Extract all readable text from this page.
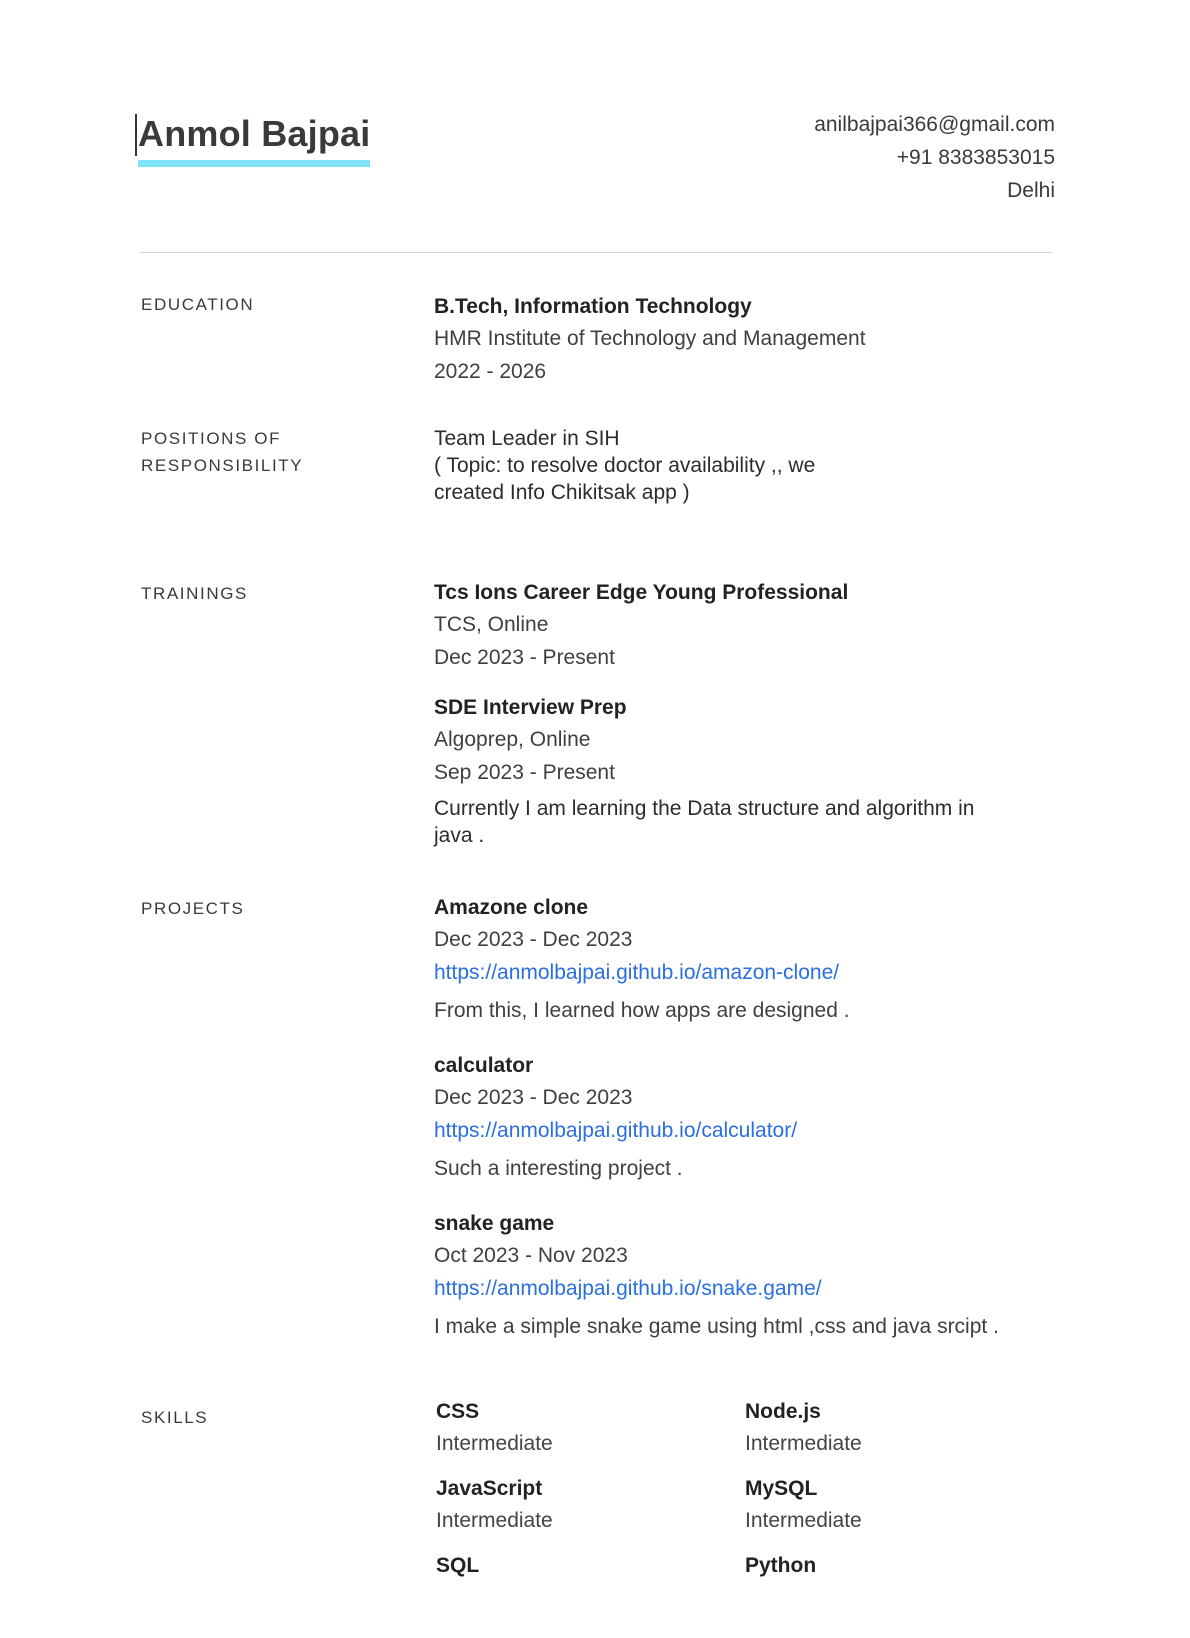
Anmol Bajpai	anilbajpai366@gmail.com
+91 8383853015
Delhi
EDUCATION	B.Tech, Information Technology
HMR Institute of Technology and Management
2022 - 2026
POSITIONS OF
RESPONSIBILITY
Team Leader in SIH
( Topic: to resolve doctor availability ,, we
created Info Chikitsak app )
TRAININGS	Tcs Ions Career Edge Young Professional
TCS, Online
Dec 2023 - Present
SDE Interview Prep
Algoprep, Online
Sep 2023 - Present
Currently I am learning the Data structure and algorithm in
java .
PROJECTS	Amazone clone
Dec 2023 - Dec 2023
https://anmolbajpai.github.io/amazon-clone/
From this, I learned how apps are designed .
calculator
Dec 2023 - Dec 2023
https://anmolbajpai.github.io/calculator/
Such a interesting project .
snake game
Oct 2023 - Nov 2023
https://anmolbajpai.github.io/snake.game/
I make a simple snake game using html ,css and java srcipt .
SKILLS	CSS
Intermediate
Node.js
Intermediate
JavaScript
Intermediate
MySQL
Intermediate
SQL	Python
